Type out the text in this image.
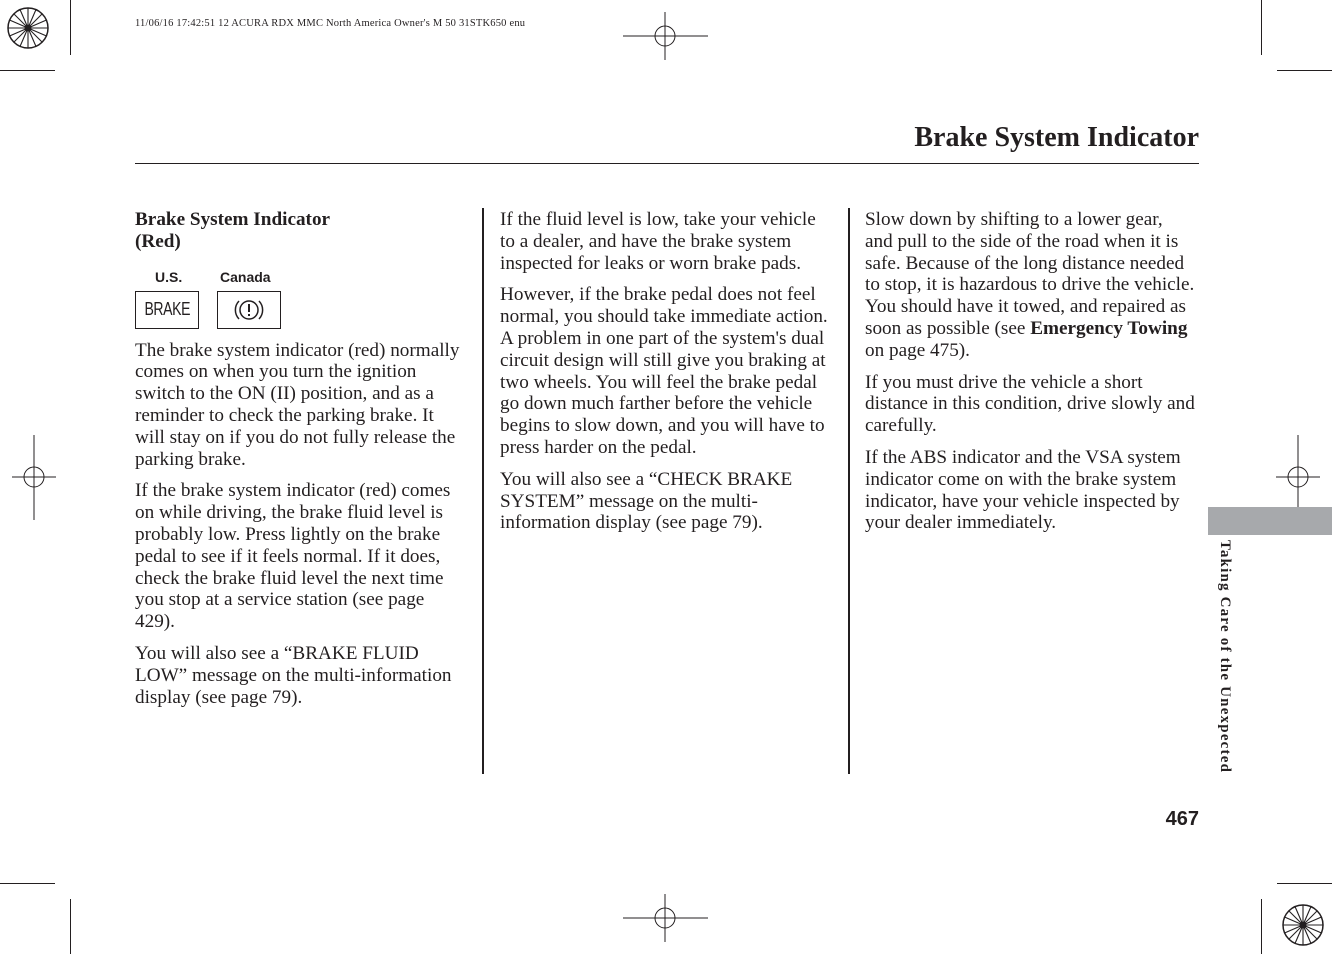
11/06/16 17:42:51 12 ACURA RDX MMC North America Owner's M 50 31STK650 enu
Brake System Indicator
Brake System Indicator
(Red)
U.S.	Canada
BRAKE

The brake system indicator (red) normally comes on when you turn the ignition switch to the ON (II) position, and as a reminder to check the parking brake. It will stay on if you do not fully release the parking brake.

If the brake system indicator (red) comes on while driving, the brake fluid level is probably low. Press lightly on the brake pedal to see if it feels normal. If it does, check the brake fluid level the next time you stop at a service station (see page 429).

You will also see a “BRAKE FLUID LOW” message on the multi-information display (see page 79).

If the fluid level is low, take your vehicle to a dealer, and have the brake system inspected for leaks or worn brake pads.

However, if the brake pedal does not feel normal, you should take immediate action. A problem in one part of the system's dual circuit design will still give you braking at two wheels. You will feel the brake pedal go down much farther before the vehicle begins to slow down, and you will have to press harder on the pedal.

You will also see a “CHECK BRAKE SYSTEM” message on the multi-information display (see page 79).

Slow down by shifting to a lower gear, and pull to the side of the road when it is safe. Because of the long distance needed to stop, it is hazardous to drive the vehicle. You should have it towed, and repaired as soon as possible (see Emergency Towing on page 475).

If you must drive the vehicle a short distance in this condition, drive slowly and carefully.

If the ABS indicator and the VSA system indicator come on with the brake system indicator, have your vehicle inspected by your dealer immediately.

Taking Care of the Unexpected
467
